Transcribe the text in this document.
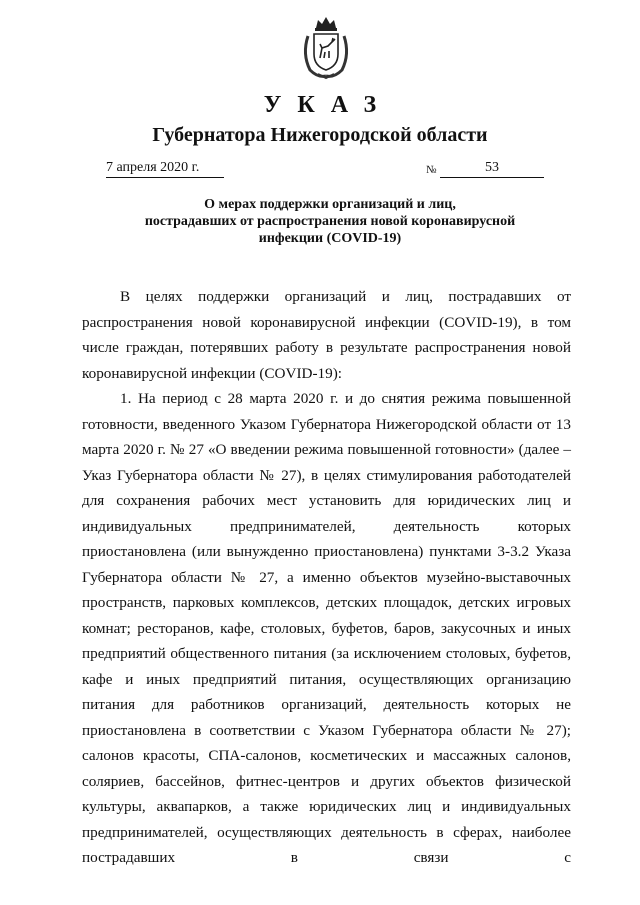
УКАЗ
Губернатора Нижегородской области
7 апреля 2020 г.	№	53
О мерах поддержки организаций и лиц,
пострадавших от распространения новой коронавирусной
инфекции (COVID-19)

В целях поддержки организаций и лиц, пострадавших от распространения новой коронавирусной инфекции (COVID-19), в том числе граждан, потерявших работу в результате распространения новой коронавирусной инфекции (COVID-19):

1. На период с 28 марта 2020 г. и до снятия режима повышенной готовности, введенного Указом Губернатора Нижегородской области от 13 марта 2020 г. № 27 «О введении режима повышенной готовности» (далее – Указ Губернатора области № 27), в целях стимулирования работодателей для сохранения рабочих мест установить для юридических лиц и индивидуальных предпринимателей, деятельность которых приостановлена (или вынужденно приостановлена) пунктами 3-3.2 Указа Губернатора области № 27, а именно объектов музейно-выставочных пространств, парковых комплексов, детских площадок, детских игровых комнат; ресторанов, кафе, столовых, буфетов, баров, закусочных и иных предприятий общественного питания (за исключением столовых, буфетов, кафе и иных предприятий питания, осуществляющих организацию питания для работников организаций, деятельность которых не приостановлена в соответствии с Указом Губернатора области № 27); салонов красоты, СПА-салонов, косметических и массажных салонов, соляриев, бассейнов, фитнес-центров и других объектов физической культуры, аквапарков, а также юридических лиц и индивидуальных предпринимателей, осуществляющих деятельность в сферах, наиболее пострадавших в связи с
